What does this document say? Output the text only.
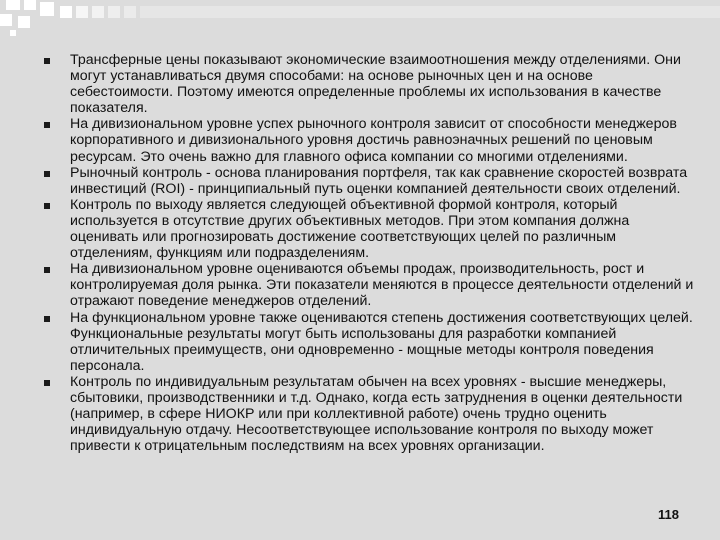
Трансферные цены показывают экономические взаимоотношения между отделениями. Они могут устанавливаться двумя способами: на основе рыночных цен и на основе себестоимости. Поэтому имеются определенные проблемы их использования в качестве показателя.
На дивизиональном уровне успех рыночного контроля зависит от способности менеджеров корпоративного и дивизионального уровня достичь равноэначных решений по ценовым ресурсам. Это очень важно для главного офиса компании со многими отделениями.
Рыночный контроль - основа планирования портфеля, так как сравнение скоростей возврата инвестиций (ROI) - принципиальный путь оценки компанией деятельности своих отделений.
Контроль по выходу является следующей объективной формой контроля, который используется в отсутствие других объективных методов. При этом компания должна оценивать или прогнозировать достижение соответствующих целей по различным отделениям, функциям или подразделениям.
На дивизиональном уровне оцениваются объемы продаж, производительность, рост и контролируемая доля рынка. Эти показатели меняются в процессе деятельности отделений и отражают поведение менеджеров отделений.
На функциональном уровне также оцениваются степень достижения соответствующих целей. Функциональные результаты могут быть использованы для разработки компанией отличительных преимуществ, они одновременно - мощные методы контроля поведения персонала.
Контроль по индивидуальным результатам обычен на всех уровнях - высшие менеджеры, сбытовики, производственники и т.д. Однако, когда есть затруднения в оценки деятельности (например, в сфере НИОКР или при коллективной работе) очень трудно оценить индивидуальную отдачу. Несоответствующее использование контроля по выходу может привести к отрицательным последствиям на всех уровнях организации.
118
